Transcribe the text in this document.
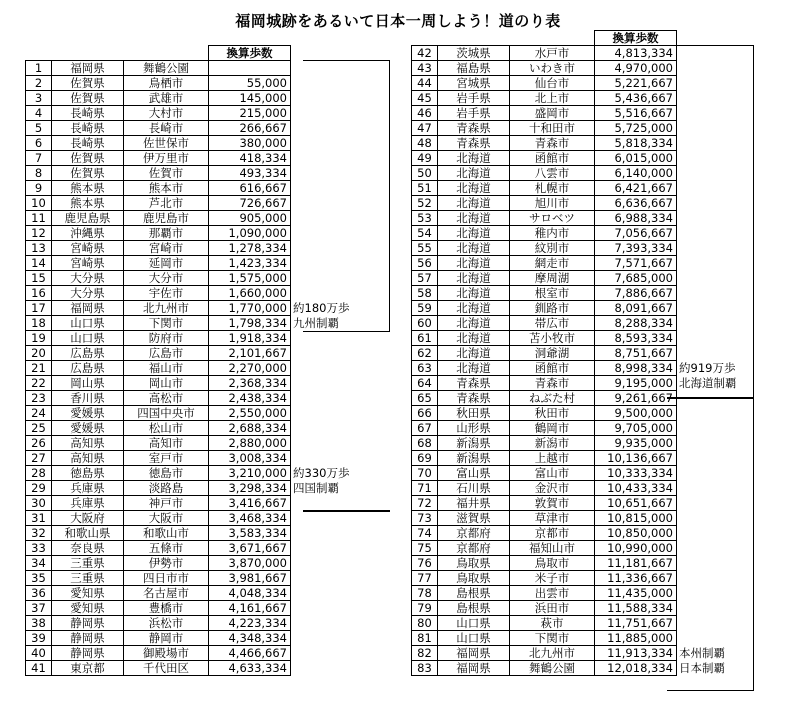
福岡城跡をあるいて日本一周しよう！道のり表
			換算歩数	
1	福岡県	舞鶴公園		
2	佐賀県	鳥栖市	55,000	
3	佐賀県	武雄市	145,000	
4	長崎県	大村市	215,000	
5	長崎県	長崎市	266,667	
6	長崎県	佐世保市	380,000	
7	佐賀県	伊万里市	418,334	
8	佐賀県	佐賀市	493,334	
9	熊本県	熊本市	616,667	
10	熊本県	芦北市	726,667	
11	鹿児島県	鹿児島市	905,000	
12	沖縄県	那覇市	1,090,000	
13	宮崎県	宮崎市	1,278,334	
14	宮崎県	延岡市	1,423,334	
15	大分県	大分市	1,575,000	
16	大分県	宇佐市	1,660,000	
17	福岡県	北九州市	1,770,000	約180万歩
18	山口県	下関市	1,798,334	九州制覇
19	山口県	防府市	1,918,334	
20	広島県	広島市	2,101,667	
21	広島県	福山市	2,270,000	
22	岡山県	岡山市	2,368,334	
23	香川県	高松市	2,438,334	
24	愛媛県	四国中央市	2,550,000	
25	愛媛県	松山市	2,688,334	
26	高知県	高知市	2,880,000	
27	高知県	室戸市	3,008,334	
28	徳島県	徳島市	3,210,000	約330万歩
29	兵庫県	淡路島	3,298,334	四国制覇
30	兵庫県	神戸市	3,416,667	
31	大阪府	大阪市	3,468,334	
32	和歌山県	和歌山市	3,583,334	
33	奈良県	五條市	3,671,667	
34	三重県	伊勢市	3,870,000	
35	三重県	四日市市	3,981,667	
36	愛知県	名古屋市	4,048,334	
37	愛知県	豊橋市	4,161,667	
38	静岡県	浜松市	4,223,334	
39	静岡県	静岡市	4,348,334	
40	静岡県	御殿場市	4,466,667	
41	東京都	千代田区	4,633,334	
			換算歩数	
42	茨城県	水戸市	4,813,334	
43	福島県	いわき市	4,970,000	
44	宮城県	仙台市	5,221,667	
45	岩手県	北上市	5,436,667	
46	岩手県	盛岡市	5,516,667	
47	青森県	十和田市	5,725,000	
48	青森県	青森市	5,818,334	
49	北海道	函館市	6,015,000	
50	北海道	八雲市	6,140,000	
51	北海道	札幌市	6,421,667	
52	北海道	旭川市	6,636,667	
53	北海道	サロベツ	6,988,334	
54	北海道	稚内市	7,056,667	
55	北海道	紋別市	7,393,334	
56	北海道	網走市	7,571,667	
57	北海道	摩周湖	7,685,000	
58	北海道	根室市	7,886,667	
59	北海道	釧路市	8,091,667	
60	北海道	帯広市	8,288,334	
61	北海道	苫小牧市	8,593,334	
62	北海道	洞爺湖	8,751,667	
63	北海道	函館市	8,998,334	約919万歩
64	青森県	青森市	9,195,000	北海道制覇
65	青森県	ねぶた村	9,261,667	
66	秋田県	秋田市	9,500,000	
67	山形県	鶴岡市	9,705,000	
68	新潟県	新潟市	9,935,000	
69	新潟県	上越市	10,136,667	
70	富山県	富山市	10,333,334	
71	石川県	金沢市	10,433,334	
72	福井県	敦賀市	10,651,667	
73	滋賀県	草津市	10,815,000	
74	京都府	京都市	10,850,000	
75	京都府	福知山市	10,990,000	
76	鳥取県	鳥取市	11,181,667	
77	鳥取県	米子市	11,336,667	
78	島根県	出雲市	11,435,000	
79	島根県	浜田市	11,588,334	
80	山口県	萩市	11,751,667	
81	山口県	下関市	11,885,000	
82	福岡県	北九州市	11,913,334	本州制覇
83	福岡県	舞鶴公園	12,018,334	日本制覇
